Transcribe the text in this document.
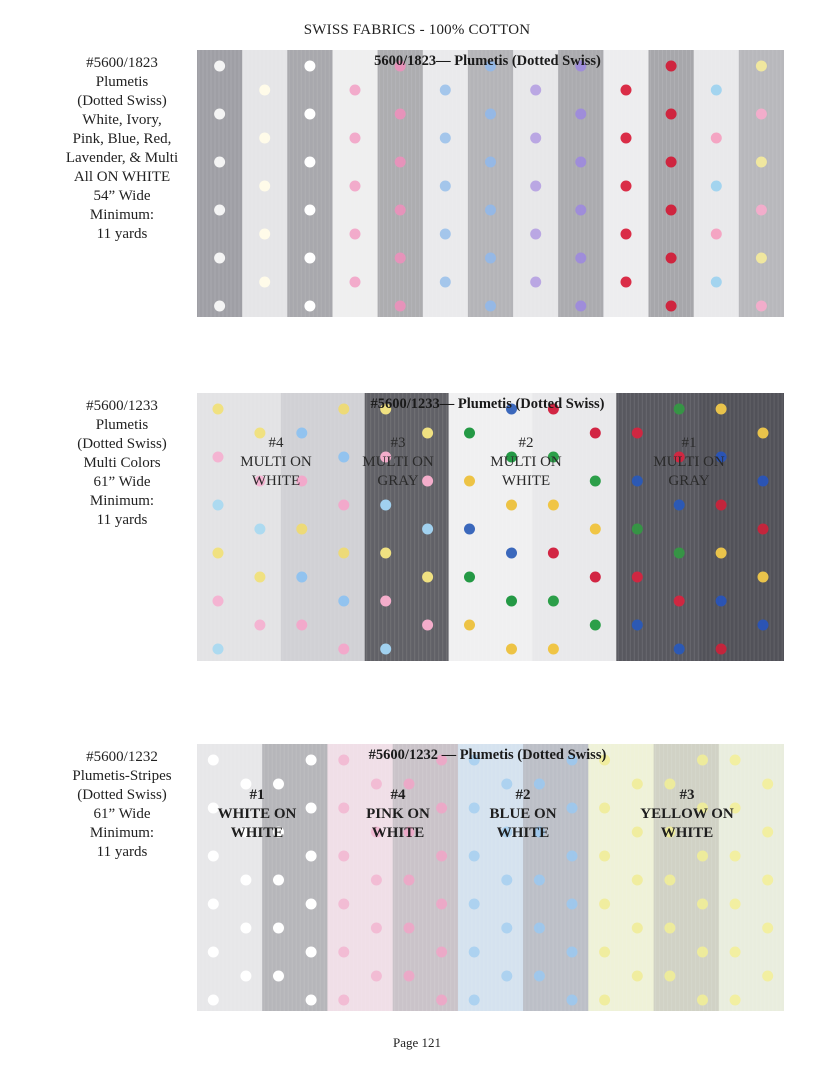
SWISS FABRICS - 100% COTTON
#5600/1823
Plumetis
(Dotted Swiss)
White, Ivory,
Pink, Blue, Red,
Lavender, & Multi
All ON WHITE
54” Wide
Minimum:
11 yards
5600/1823— Plumetis (Dotted Swiss)
#5600/1233
Plumetis
(Dotted Swiss)
Multi Colors
61” Wide
Minimum:
11 yards
#5600/1233— Plumetis (Dotted Swiss)
#4
MULTI ON
WHITE
#3
MULTI ON
GRAY
#2
MULTI ON
WHITE
#1
MULTI ON
GRAY
#5600/1232
Plumetis-Stripes
(Dotted Swiss)
61” Wide
Minimum:
11 yards
#5600/1232 — Plumetis (Dotted Swiss)
#1
WHITE ON
WHITE
#4
PINK ON
WHITE
#2
BLUE ON
WHITE
#3
YELLOW ON
WHITE
Page 121
